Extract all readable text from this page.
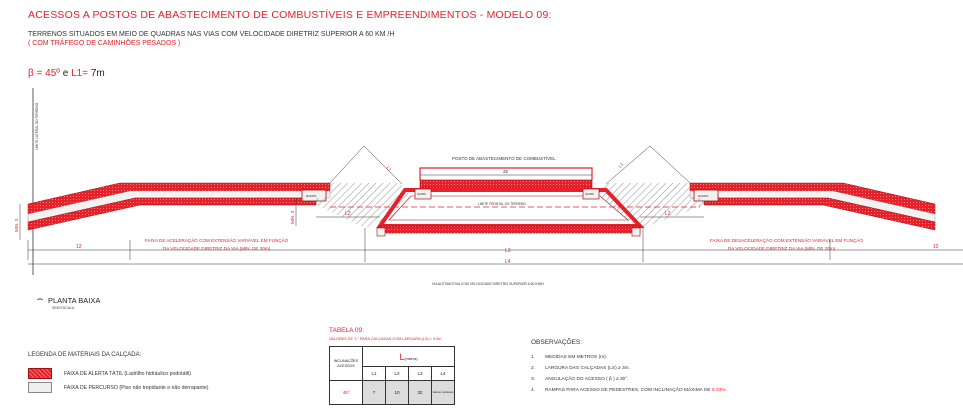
ACESSOS A POSTOS DE ABASTECIMENTO DE COMBUSTÍVEIS E EMPREENDIMENTOS - MODELO 09:
TERRENOS SITUADOS EM MEIO DE QUADRAS NAS VIAS COM VELOCIDADE DIRETRIZ SUPERIOR A 60 KM /H
( COM TRÁFEGO DE CAMINHÕES PESADOS )
β = 45º e L1= 7m
LIMITE LATERAL DO TERRENO
RAMPA	RAMPA
RAMPA	RAMPA
LIMITE FRONTAL DO TERRENO
POSTO DE ABASTECIMENTO DE COMBUSTÍVEL
25
L1
L1
L2	L2
MIN. 3
MIN. 3
12	12
L3
FAIXA DE ACELERAÇÃO COM EXTENSÃO VARIÁVEL EM FUNÇÃO
DA VELOCIDADE DIRETRIZ DA VIA (MÍN. DE 20m)
FAIXA DE DESACELERAÇÃO COM EXTENSÃO VARIÁVEL EM FUNÇÃO
DA VELOCIDADE DIRETRIZ DA VIA (MÍN. DE 20m)
L4
VIA AUTOMOTIVA COM VELOCIDADE DIRETRIZ SUPERIOR A 60 KM/H
PLANTA BAIXA
SEM ESCALA
TABELA 09:
VALORES DE "L" PARA CALÇADAS COM LARGURA (LS) = 3.0m
INCLINAÇÕES ACESSOS	L(metros)			
	L1	L2	L3	L4
45º	7	10	32	valores variáveis
OBSERVAÇÕES:
1. MEDIDAS EM METROS (m).
2. LARGURA DAS CALÇADAS (LS) ≥ 3m.
3. ANGULAÇÃO DO ACESSO ( β ) ≥ 30°.
4. RAMPAS PARA ACESSO DE PEDESTRES, COM INCLINAÇÃO MÁXIMA DE 8.33%.
LEGENDA DE MATERIAIS DA CALÇADA:
FAIXA DE ALERTA TÁTIL (Ladrilho hidráulico podotátil)
FAIXA DE PERCURSO (Piso não trepidante e não derrapante)
